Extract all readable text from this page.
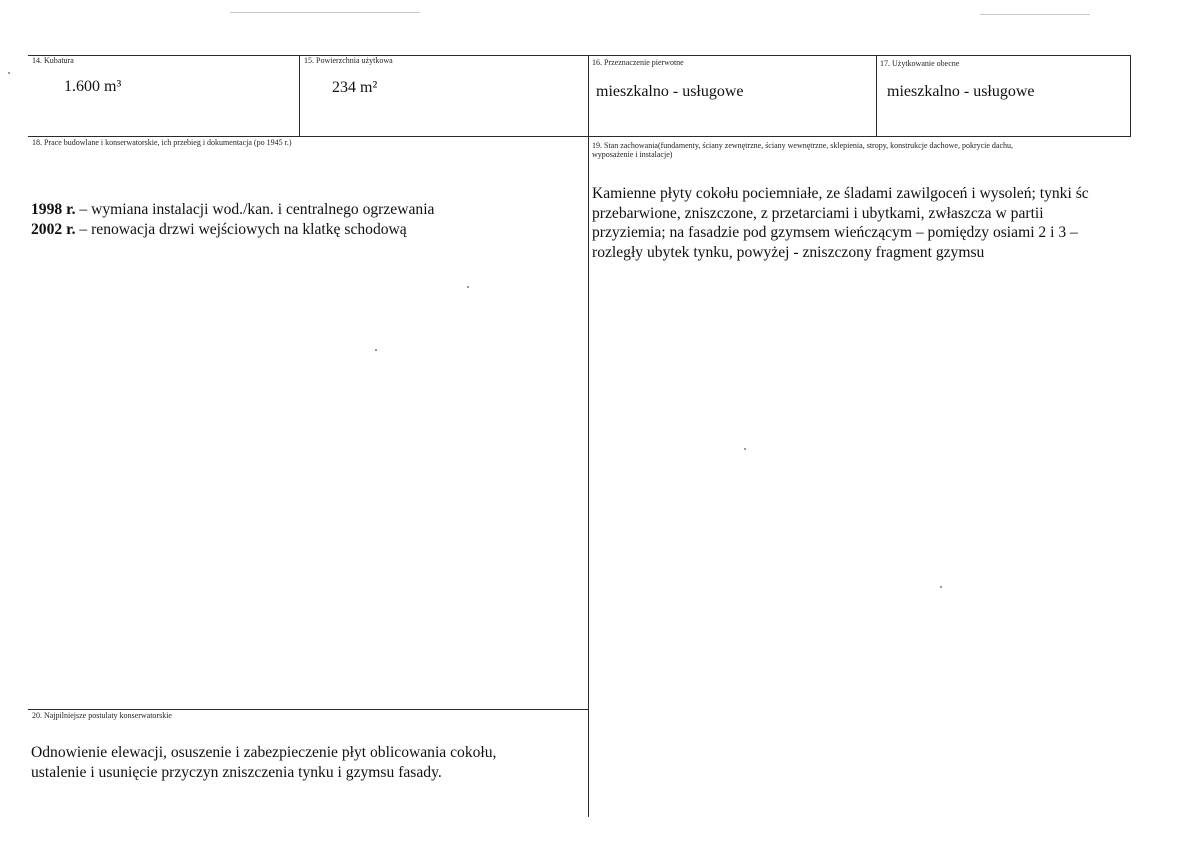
14. Kubatura
1.600 m³
15. Powierzchnia użytkowa
234 m²
16. Przeznaczenie pierwotne
mieszkalno - usługowe
17. Użytkowanie obecne
mieszkalno - usługowe
18. Prace budowlane i konserwatorskie, ich przebieg i dokumentacja (po 1945 r.)
1998 r. – wymiana instalacji wod./kan. i centralnego ogrzewania
2002 r. – renowacja drzwi wejściowych na klatkę schodową
19. Stan zachowania(fundamenty, ściany zewnętrzne, ściany wewnętrzne, sklepienia, stropy, konstrukcje dachowe, pokrycie dachu,
wyposażenie i instalacje)
Kamienne płyty cokołu pociemniałe, ze śladami zawilgoceń i wysoleń; tynki śc
przebarwione, zniszczone, z przetarciami i ubytkami, zwłaszcza w partii
przyziemia; na fasadzie pod gzymsem wieńczącym – pomiędzy osiami 2 i 3 –
rozległy ubytek tynku, powyżej - zniszczony fragment gzymsu
20. Najpilniejsze postulaty konserwatorskie
Odnowienie elewacji, osuszenie i zabezpieczenie płyt oblicowania cokołu,
ustalenie i usunięcie przyczyn zniszczenia tynku i gzymsu fasady.
